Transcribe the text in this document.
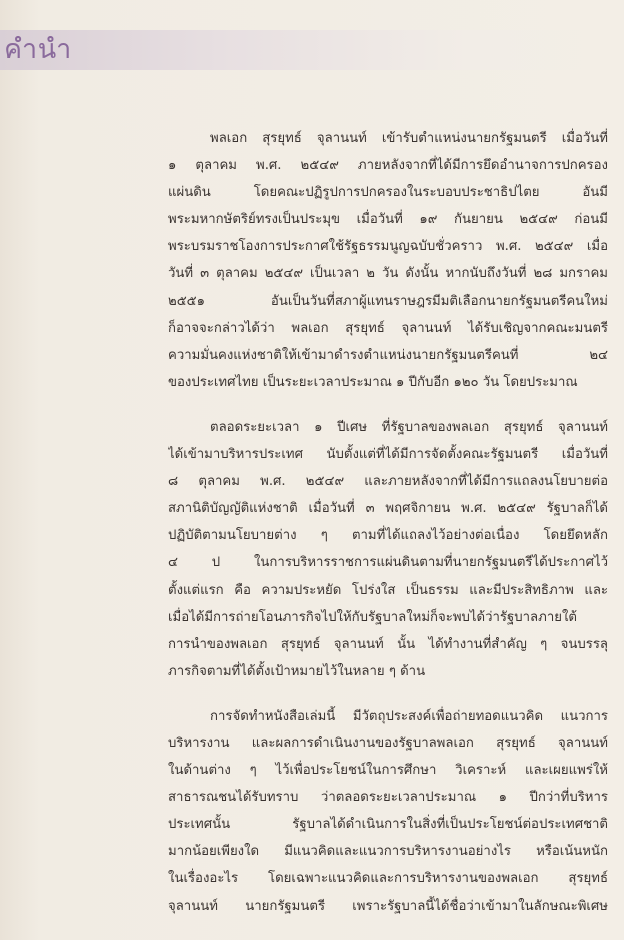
คำนำ
พลเอก สุรยุทธ์ จุลานนท์ เข้ารับตำแหน่งนายกรัฐมนตรี เมื่อวันที่
๑ ตุลาคม พ.ศ. ๒๕๔๙ ภายหลังจากที่ได้มีการยึดอำนาจการปกครอง
แผ่นดิน โดยคณะปฏิรูปการปกครองในระบอบประชาธิปไตย อันมี
พระมหากษัตริย์ทรงเป็นประมุข เมื่อวันที่ ๑๙ กันยายน ๒๕๔๙ ก่อนมี
พระบรมราชโองการประกาศใช้รัฐธรรมนูญฉบับชั่วคราว พ.ศ. ๒๕๔๙ เมื่อ
วันที่ ๓ ตุลาคม ๒๕๔๙ เป็นเวลา ๒ วัน ดังนั้น หากนับถึงวันที่ ๒๘ มกราคม
๒๕๕๑ อันเป็นวันที่สภาผู้แทนราษฎรมีมติเลือกนายกรัฐมนตรีคนใหม่
ก็อาจจะกล่าวได้ว่า พลเอก สุรยุทธ์ จุลานนท์ ได้รับเชิญจากคณะมนตรี
ความมั่นคงแห่งชาติให้เข้ามาดำรงตำแหน่งนายกรัฐมนตรีคนที่ ๒๔
ของประเทศไทย เป็นระยะเวลาประมาณ ๑ ปีกับอีก ๑๒๐ วัน โดยประมาณ
ตลอดระยะเวลา ๑ ปีเศษ ที่รัฐบาลของพลเอก สุรยุทธ์ จุลานนท์
ได้เข้ามาบริหารประเทศ นับตั้งแต่ที่ได้มีการจัดตั้งคณะรัฐมนตรี เมื่อวันที่
๘ ตุลาคม พ.ศ. ๒๕๔๙ และภายหลังจากที่ได้มีการแถลงนโยบายต่อ
สภานิติบัญญัติแห่งชาติ เมื่อวันที่ ๓ พฤศจิกายน พ.ศ. ๒๕๔๙ รัฐบาลก็ได้
ปฏิบัติตามนโยบายต่าง ๆ ตามที่ได้แถลงไว้อย่างต่อเนื่อง โดยยึดหลัก
๔ ป ในการบริหารราชการแผ่นดินตามที่นายกรัฐมนตรีได้ประกาศไว้
ตั้งแต่แรก คือ ความประหยัด โปร่งใส เป็นธรรม และมีประสิทธิภาพ และ
เมื่อได้มีการถ่ายโอนภารกิจไปให้กับรัฐบาลใหม่ก็จะพบได้ว่ารัฐบาลภายใต้
การนำของพลเอก สุรยุทธ์ จุลานนท์ นั้น ได้ทำงานที่สำคัญ ๆ จนบรรลุ
ภารกิจตามที่ได้ตั้งเป้าหมายไว้ในหลาย ๆ ด้าน
การจัดทำหนังสือเล่มนี้ มีวัตถุประสงค์เพื่อถ่ายทอดแนวคิด แนวการ
บริหารงาน และผลการดำเนินงานของรัฐบาลพลเอก สุรยุทธ์ จุลานนท์
ในด้านต่าง ๆ ไว้เพื่อประโยชน์ในการศึกษา วิเคราะห์ และเผยแพร่ให้
สาธารณชนได้รับทราบ ว่าตลอดระยะเวลาประมาณ ๑ ปีกว่าที่บริหาร
ประเทศนั้น รัฐบาลได้ดำเนินการในสิ่งที่เป็นประโยชน์ต่อประเทศชาติ
มากน้อยเพียงใด มีแนวคิดและแนวการบริหารงานอย่างไร หรือเน้นหนัก
ในเรื่องอะไร โดยเฉพาะแนวคิดและการบริหารงานของพลเอก สุรยุทธ์
จุลานนท์ นายกรัฐมนตรี เพราะรัฐบาลนี้ได้ชื่อว่าเข้ามาในลักษณะพิเศษ
